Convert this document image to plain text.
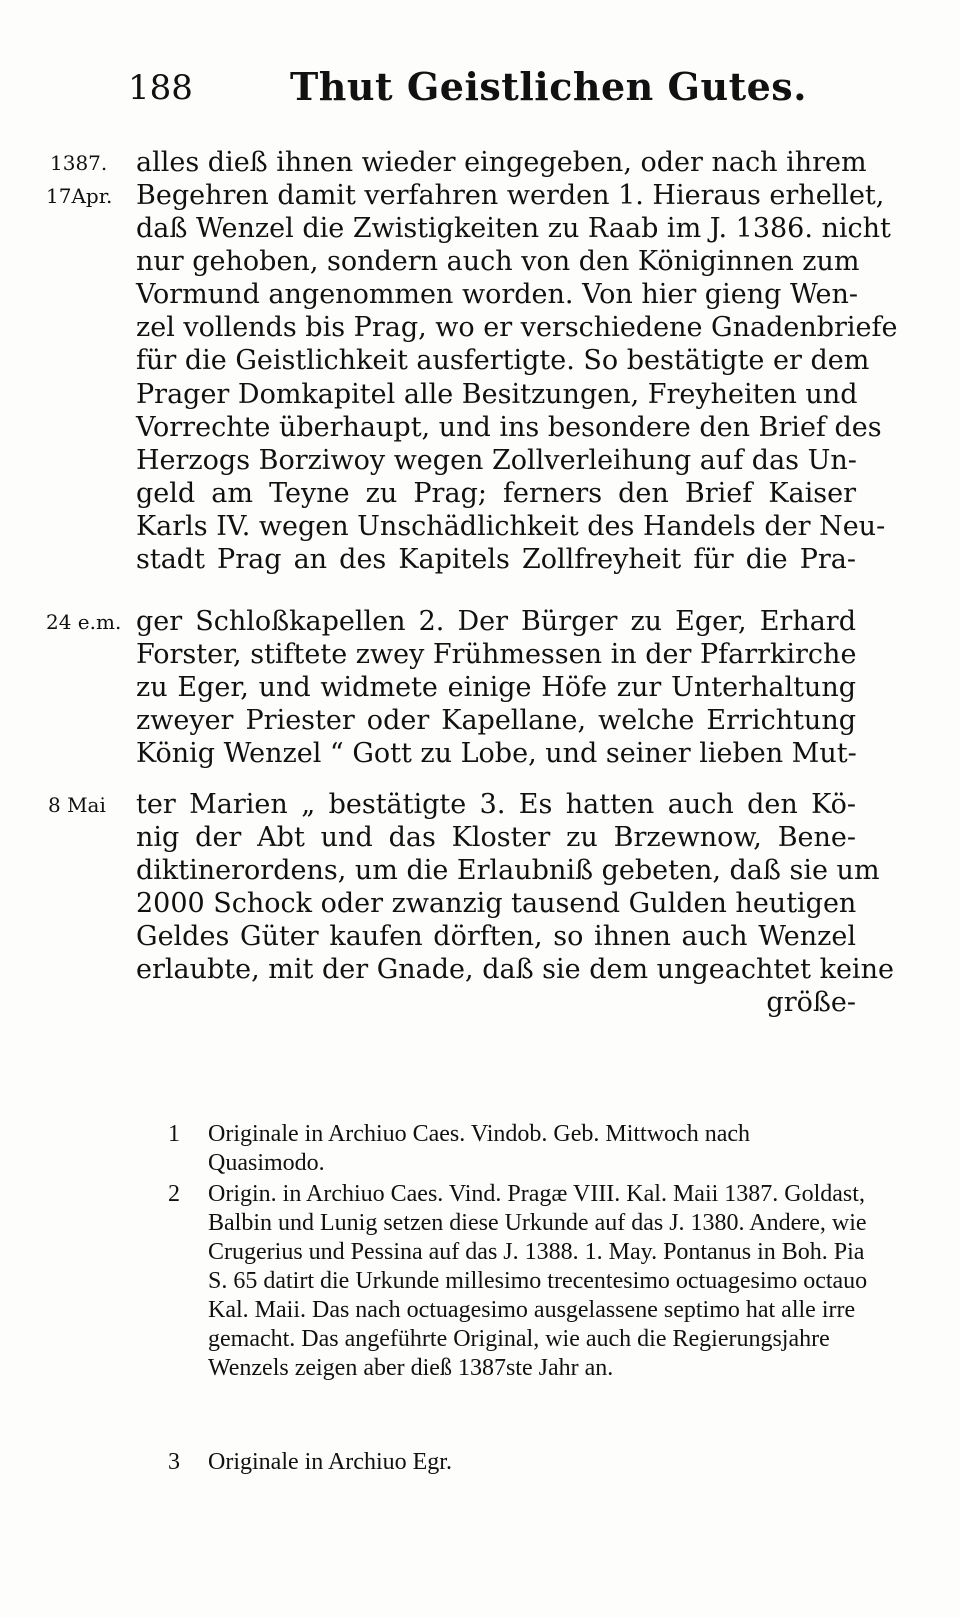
188	Thut Geistlichen Gutes.
1387.
17Apr.
24 e.m.
8 Mai
alles dieß ihnen wieder eingegeben, oder nach ihrem
Begehren damit verfahren werden 1. Hieraus erhellet,
daß Wenzel die Zwistigkeiten zu Raab im J. 1386. nicht
nur gehoben, sondern auch von den Königinnen zum
Vormund angenommen worden. Von hier gieng Wen-
zel vollends bis Prag, wo er verschiedene Gnadenbriefe
für die Geistlichkeit ausfertigte. So bestätigte er dem
Prager Domkapitel alle Besitzungen, Freyheiten und
Vorrechte überhaupt, und ins besondere den Brief des
Herzogs Borziwoy wegen Zollverleihung auf das Un-
geld am Teyne zu Prag; ferners den Brief Kaiser
Karls IV. wegen Unschädlichkeit des Handels der Neu-
stadt Prag an des Kapitels Zollfreyheit für die Pra-
ger Schloßkapellen 2. Der Bürger zu Eger, Erhard
Forster, stiftete zwey Frühmessen in der Pfarrkirche
zu Eger, und widmete einige Höfe zur Unterhaltung
zweyer Priester oder Kapellane, welche Errichtung
König Wenzel “ Gott zu Lobe, und seiner lieben Mut-
ter Marien „ bestätigte 3. Es hatten auch den Kö-
nig der Abt und das Kloster zu Brzewnow, Bene-
diktinerordens, um die Erlaubniß gebeten, daß sie um
2000 Schock oder zwanzig tausend Gulden heutigen
Geldes Güter kaufen dörften, so ihnen auch Wenzel
erlaubte, mit der Gnade, daß sie dem ungeachtet keine
größe-
1	Originale in Archiuo Caes. Vindob. Geb. Mittwoch nach Quasimodo.
2	Origin. in Archiuo Caes. Vind. Pragæ VIII. Kal. Maii 1387. Goldast, Balbin und Lunig setzen diese Urkunde auf das J. 1380. Andere, wie Crugerius und Pessina auf das J. 1388. 1. May. Pontanus in Boh. Pia S. 65 datirt die Urkunde millesimo trecentesimo octuagesimo octauo Kal. Maii. Das nach octuagesimo ausgelassene septimo hat alle irre gemacht. Das angeführte Original, wie auch die Regierungsjahre Wenzels zeigen aber dieß 1387ste Jahr an.
3	Originale in Archiuo Egr.
